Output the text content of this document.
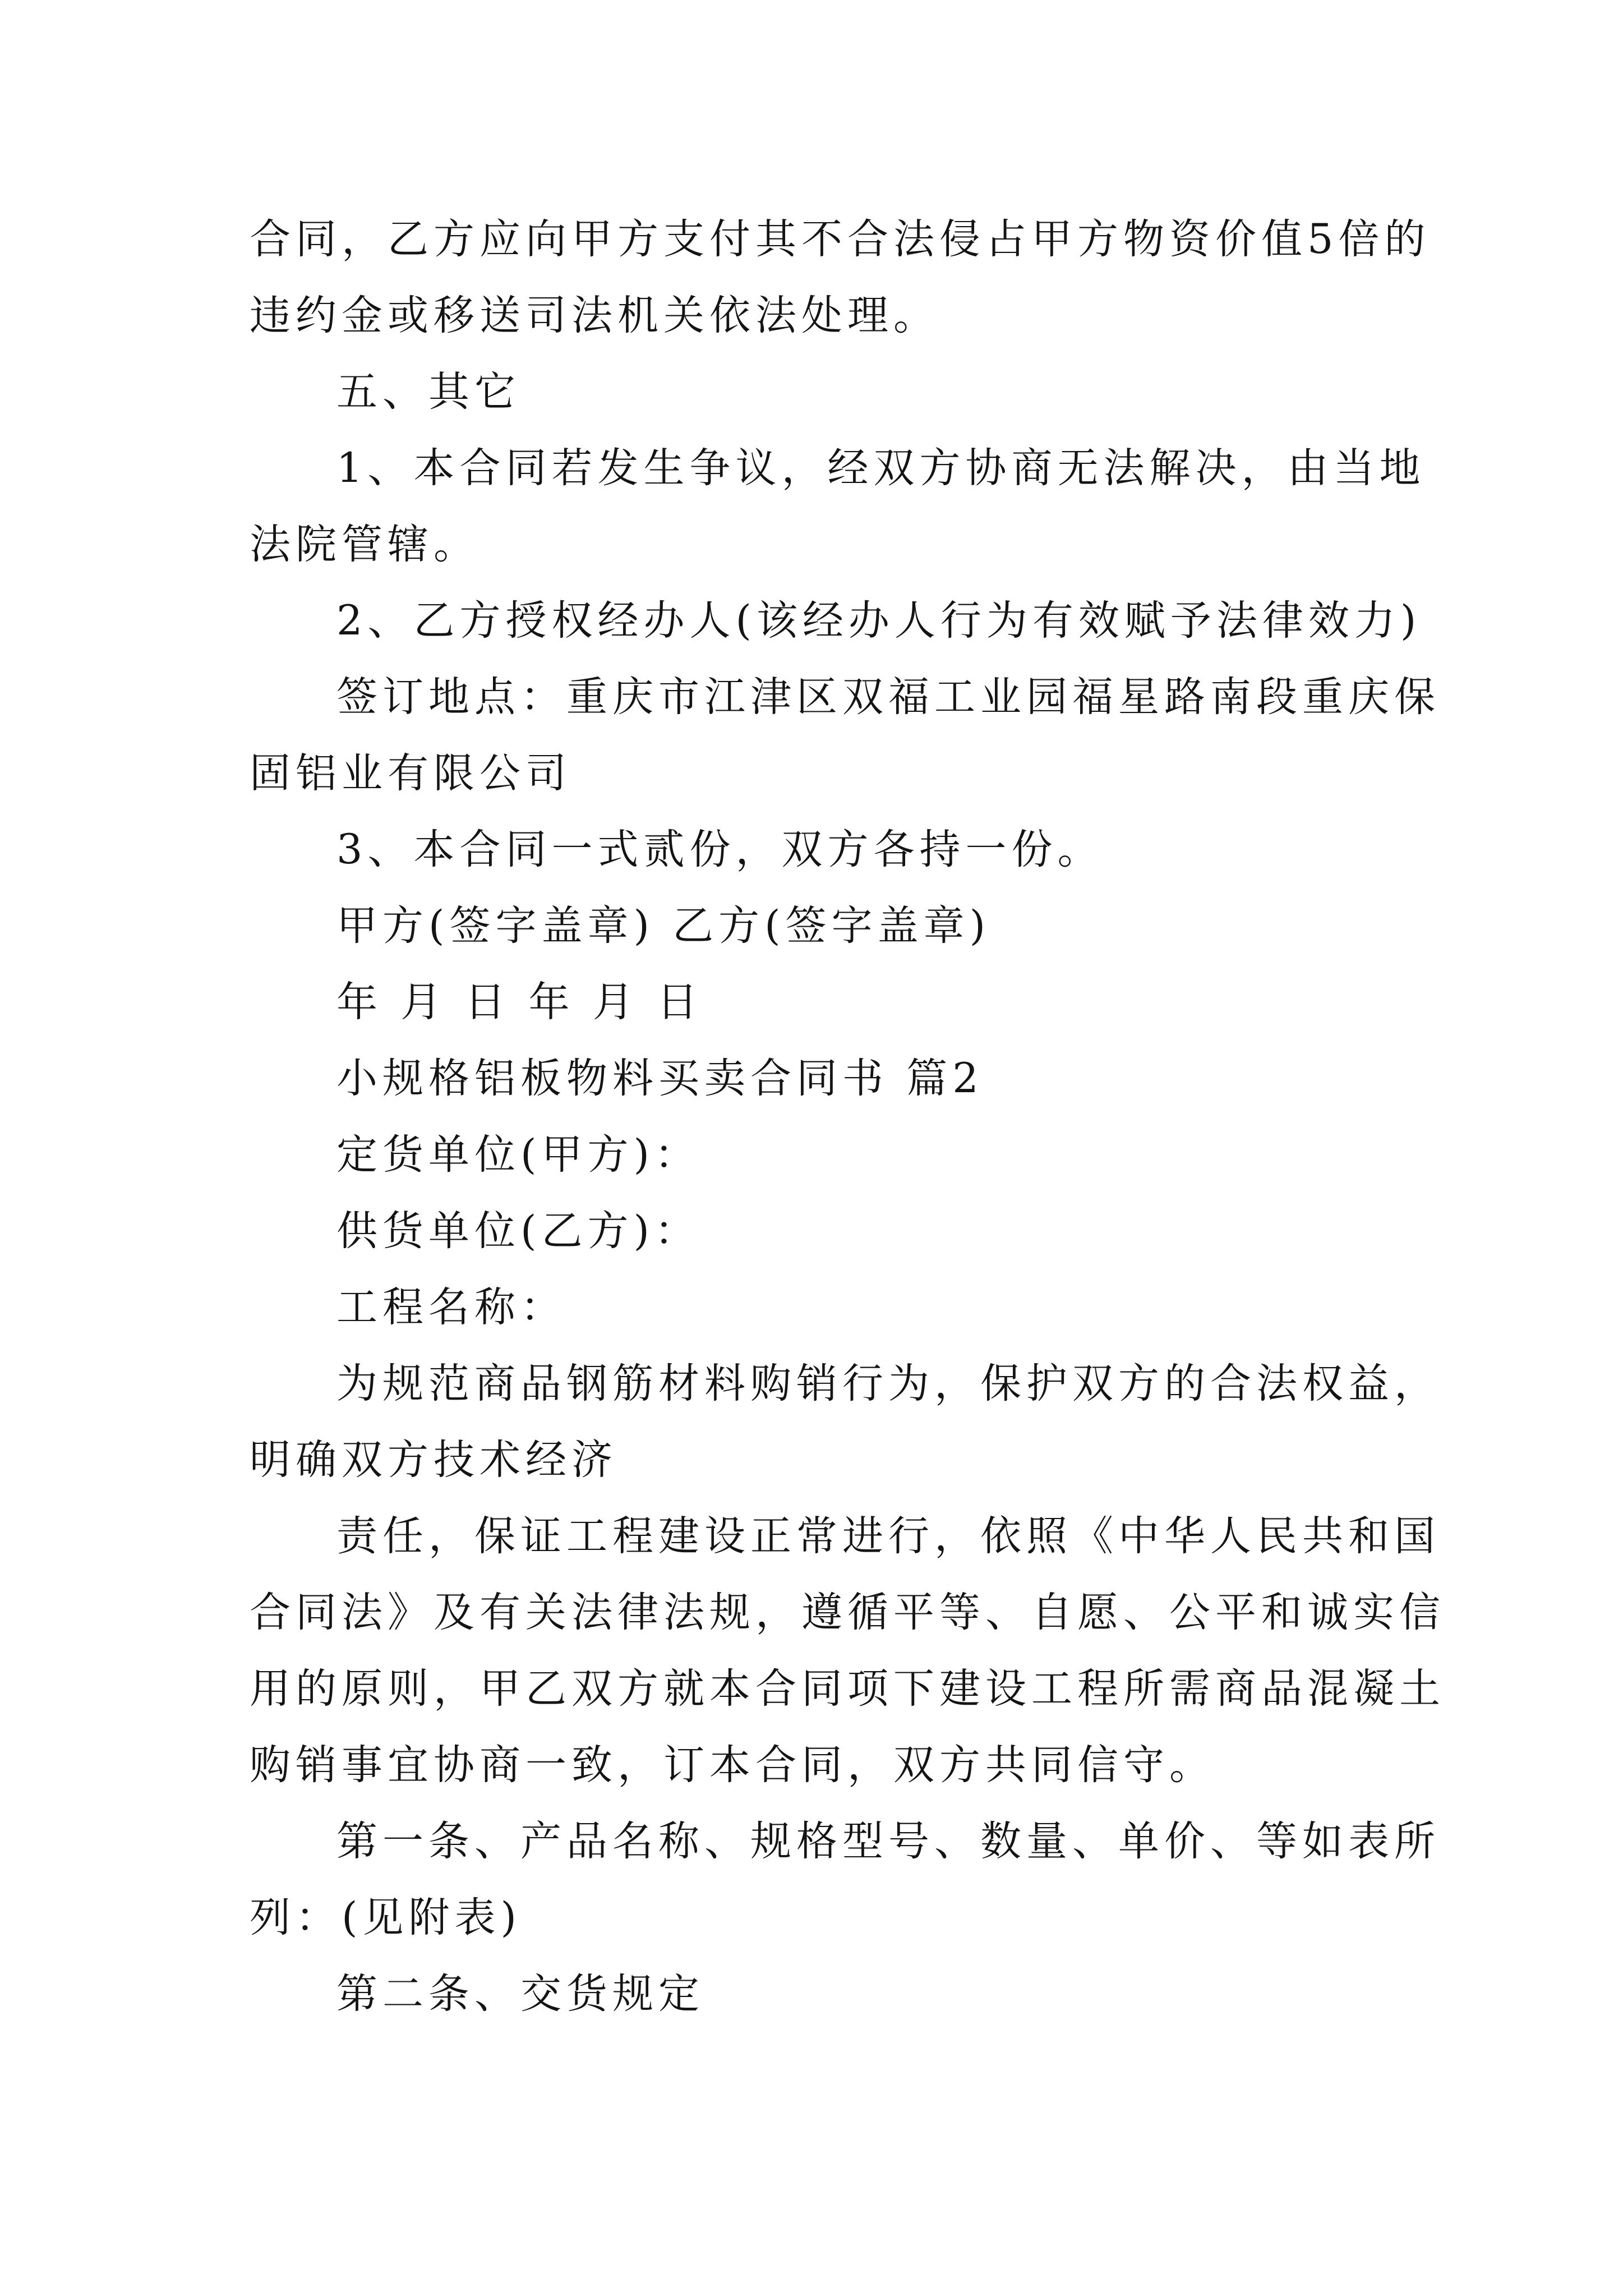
合同，乙方应向甲方支付其不合法侵占甲方物资价值5倍的
违约金或移送司法机关依法处理。
五、其它
1、本合同若发生争议，经双方协商无法解决，由当地
法院管辖。
2、乙方授权经办人(该经办人行为有效赋予法律效力)
签订地点：重庆市江津区双福工业园福星路南段重庆保
固铝业有限公司
3、本合同一式贰份，双方各持一份。
甲方(签字盖章) 乙方(签字盖章)
年 月 日 年 月 日
小规格铝板物料买卖合同书 篇2
定货单位(甲方)：
供货单位(乙方)：
工程名称：
为规范商品钢筋材料购销行为，保护双方的合法权益，
明确双方技术经济
责任，保证工程建设正常进行，依照《中华人民共和国
合同法》及有关法律法规，遵循平等、自愿、公平和诚实信
用的原则，甲乙双方就本合同项下建设工程所需商品混凝土
购销事宜协商一致，订本合同，双方共同信守。
第一条、产品名称、规格型号、数量、单价、等如表所
列：(见附表)
第二条、交货规定
